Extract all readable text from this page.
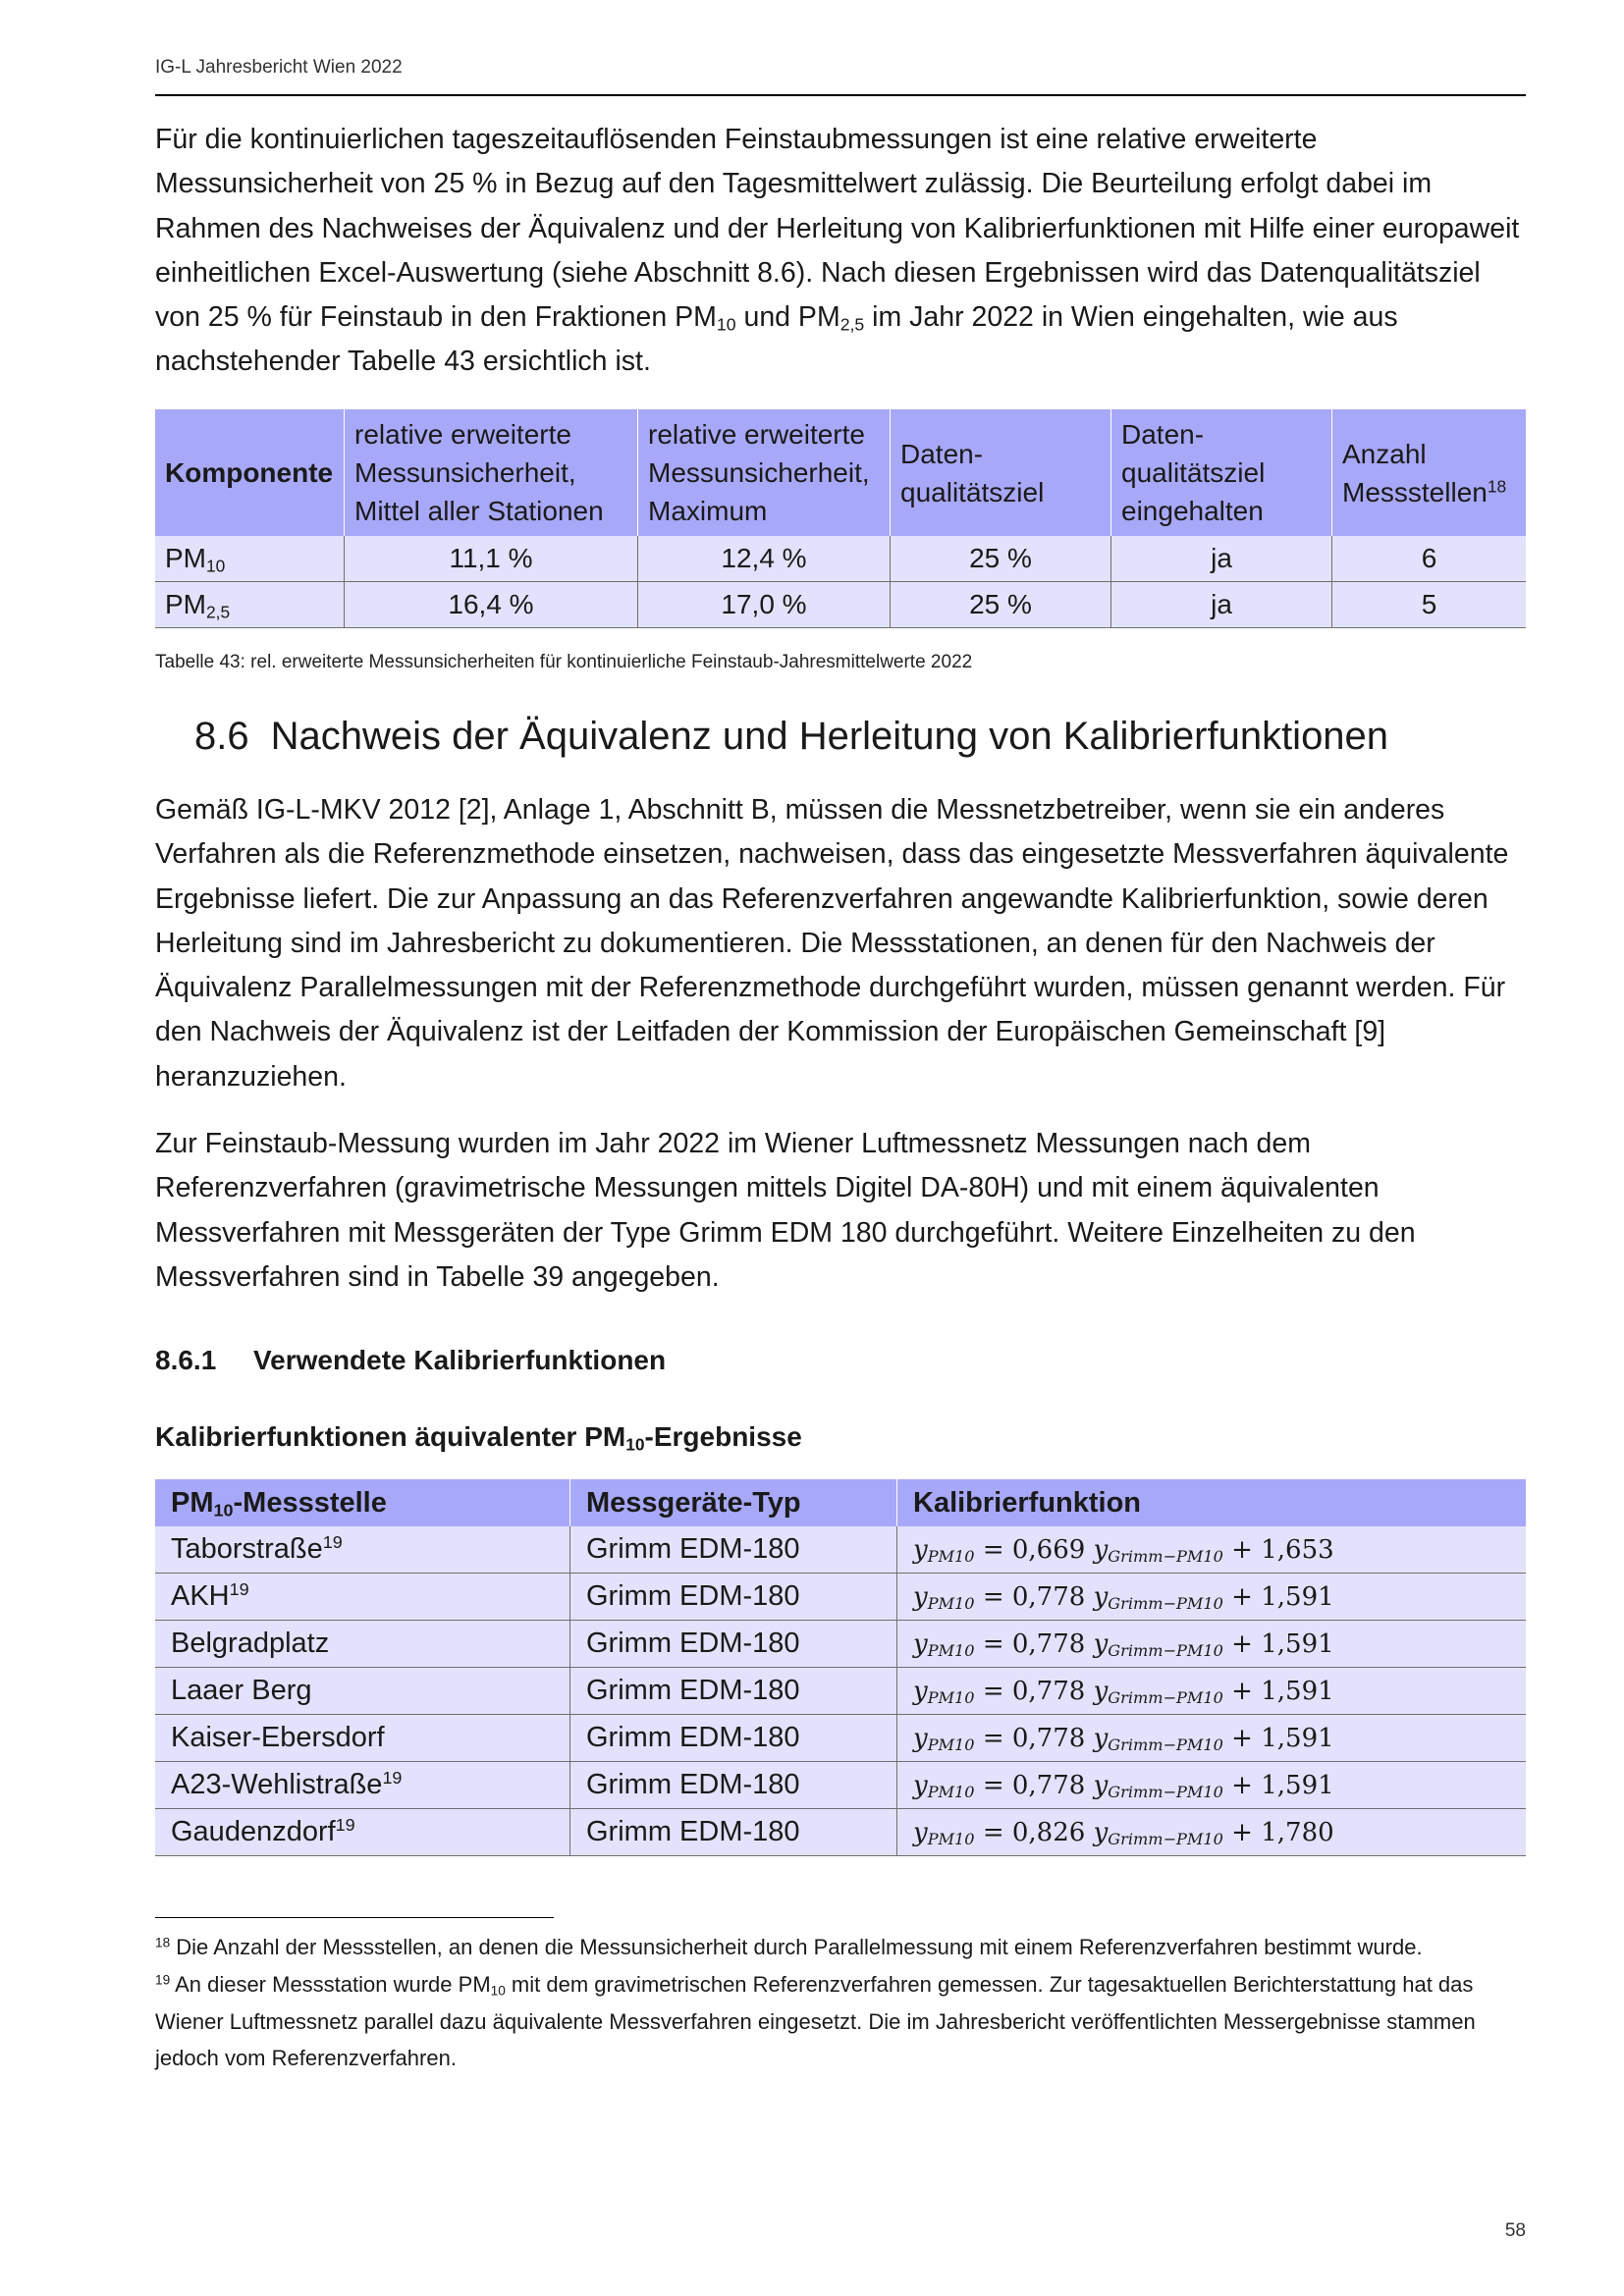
IG-L Jahresbericht Wien 2022

Für die kontinuierlichen tageszeitauflösenden Feinstaubmessungen ist eine relative erweiterte Messunsicherheit von 25 % in Bezug auf den Tagesmittelwert zulässig. Die Beurteilung erfolgt dabei im Rahmen des Nachweises der Äquivalenz und der Herleitung von Kalibrierfunktionen mit Hilfe einer europaweit einheitlichen Excel-Auswertung (siehe Abschnitt 8.6). Nach diesen Ergebnissen wird das Datenqualitätsziel von 25 % für Feinstaub in den Fraktionen $PM_{10}$ und $PM_{2,5}$ im Jahr 2022 in Wien eingehalten, wie aus nachstehender Tabelle 43 ersichtlich ist.

Komponente	relative erweiterte Messunsicherheit, Mittel aller Stationen	relative erweiterte Messunsicherheit, Maximum	Daten-qualitätsziel	Daten-qualitätsziel eingehalten	Anzahl Messstellen$^{18}$
$PM_{10}$	11,1 %	12,4 %	25 %	ja	6
$PM_{2,5}$	16,4 %	17,0 %	25 %	ja	5
Tabelle 43: rel. erweiterte Messunsicherheiten für kontinuierliche Feinstaub-Jahresmittelwerte 2022
8.6 Nachweis der Äquivalenz und Herleitung von Kalibrierfunktionen

Gemäß IG-L-MKV 2012 [2], Anlage 1, Abschnitt B, müssen die Messnetzbetreiber, wenn sie ein anderes Verfahren als die Referenzmethode einsetzen, nachweisen, dass das eingesetzte Messverfahren äquivalente Ergebnisse liefert. Die zur Anpassung an das Referenzverfahren angewandte Kalibrierfunktion, sowie deren Herleitung sind im Jahresbericht zu dokumentieren. Die Messstationen, an denen für den Nachweis der Äquivalenz Parallelmessungen mit der Referenzmethode durchgeführt wurden, müssen genannt werden. Für den Nachweis der Äquivalenz ist der Leitfaden der Kommission der Europäischen Gemeinschaft [9] heranzuziehen.

Zur Feinstaub-Messung wurden im Jahr 2022 im Wiener Luftmessnetz Messungen nach dem Referenzverfahren (gravimetrische Messungen mittels Digitel DA-80H) und mit einem äquivalenten Messverfahren mit Messgeräten der Type Grimm EDM 180 durchgeführt. Weitere Einzelheiten zu den Messverfahren sind in Tabelle 39 angegeben.

8.6.1 Verwendete Kalibrierfunktionen
Kalibrierfunktionen äquivalenter $PM_{10}$-Ergebnisse
$PM_{10}$-Messstelle	Messgeräte-Typ	Kalibrierfunktion
Taborstraße$^{19}$	Grimm EDM-180	$y_{PM10} = 0,669$ $y_{Grimm-PM10} + 1,653$
AKH$^{19}$	Grimm EDM-180	$y_{PM10} = 0,778$ $y_{Grimm-PM10} + 1,591$
Belgradplatz	Grimm EDM-180	$y_{PM10} = 0,778$ $y_{Grimm-PM10} + 1,591$
Laaer Berg	Grimm EDM-180	$y_{PM10} = 0,778$ $y_{Grimm-PM10} + 1,591$
Kaiser-Ebersdorf	Grimm EDM-180	$y_{PM10} = 0,778$ $y_{Grimm-PM10} + 1,591$
A23-Wehlistraße$^{19}$	Grimm EDM-180	$y_{PM10} = 0,778$ $y_{Grimm-PM10} + 1,591$
Gaudenzdorf$^{19}$	Grimm EDM-180	$y_{PM10} = 0,826$ $y_{Grimm-PM10} + 1,780$

$^{18}$ Die Anzahl der Messstellen, an denen die Messunsicherheit durch Parallelmessung mit einem Referenzverfahren bestimmt wurde.

$^{19}$ An dieser Messstation wurde $PM_{10}$ mit dem gravimetrischen Referenzverfahren gemessen. Zur tagesaktuellen Berichterstattung hat das Wiener Luftmessnetz parallel dazu äquivalente Messverfahren eingesetzt. Die im Jahresbericht veröffentlichten Messergebnisse stammen jedoch vom Referenzverfahren.

58
